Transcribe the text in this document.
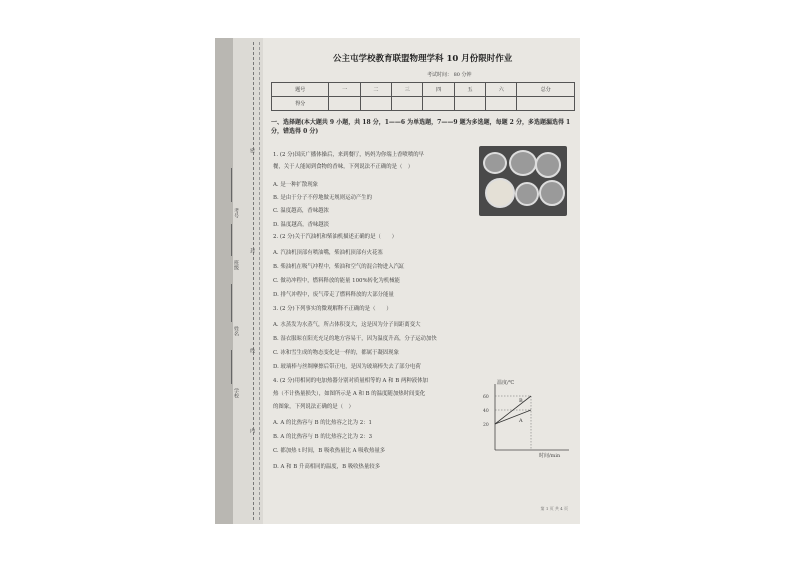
考号
班级
姓名
学校
密
封
线
内
公主屯学校教育联盟物理学科 10 月份限时作业
考试时间： 80 分钟
题号	一	二	三	四	五	六	总分
得分							
一、选择题(本大题共 9 小题，共 18 分，1——6 为单选题，7——9 题为多选题，每题 2 分，多选题漏选得 1 分，错选得 0 分)
1. (2 分)国庆广播体操后，来到餐厅，妈妈为你端上香喷喷的早
餐，关于人能闻到食物的香味，下列说法不正确的是（　）
A. 是一种扩散现象
B. 是由于分子不停地做无规则运动产生的
C. 温度越高，香味越浓
D. 温度越高，香味越淡
2. (2 分)关于汽油机和柴油机描述正确的是（　　）
A. 汽油机顶部有喷油嘴，柴油机顶部有火花塞
B. 柴油机在吸气冲程中，柴油和空气的混合物进入汽缸
C. 做功冲程中，燃料释放的能量 100%转化为机械能
D. 排气冲程中，废气带走了燃料释放的大部分能量
3. (2 分)下列事实的微观解释不正确的是（　　）
A. 水蒸发为水蒸气，所占体积变大，这是因为分子间距离变大
B. 湿衣服晾在阳光充足的地方容易干，因为温度升高，分子运动加快
C. 冰和雪生成的物态变化是一样的，都属于凝固现象
D. 玻璃棒与丝绸摩擦后带正电，是因为玻璃棒失去了部分电荷
4. (2 分)用相同的电加热器分别对质量相等的 A 和 B 两种液体加
热（不计热量损失），如图所示是 A 和 B 的温度随加热时间变化
的图象，下列说法正确的是（　）
A. A 的比热容与 B 的比热容之比为 2：1
B. A 的比热容与 B 的比热容之比为 2：3
C. 都加热 t 时间，B 吸收热量比 A 吸收热量多
D. A 和 B 升高相同的温度，B 吸收热量较多
温度/℃
时间/min
60
40
20
B
A
第 1 页 共 4 页
